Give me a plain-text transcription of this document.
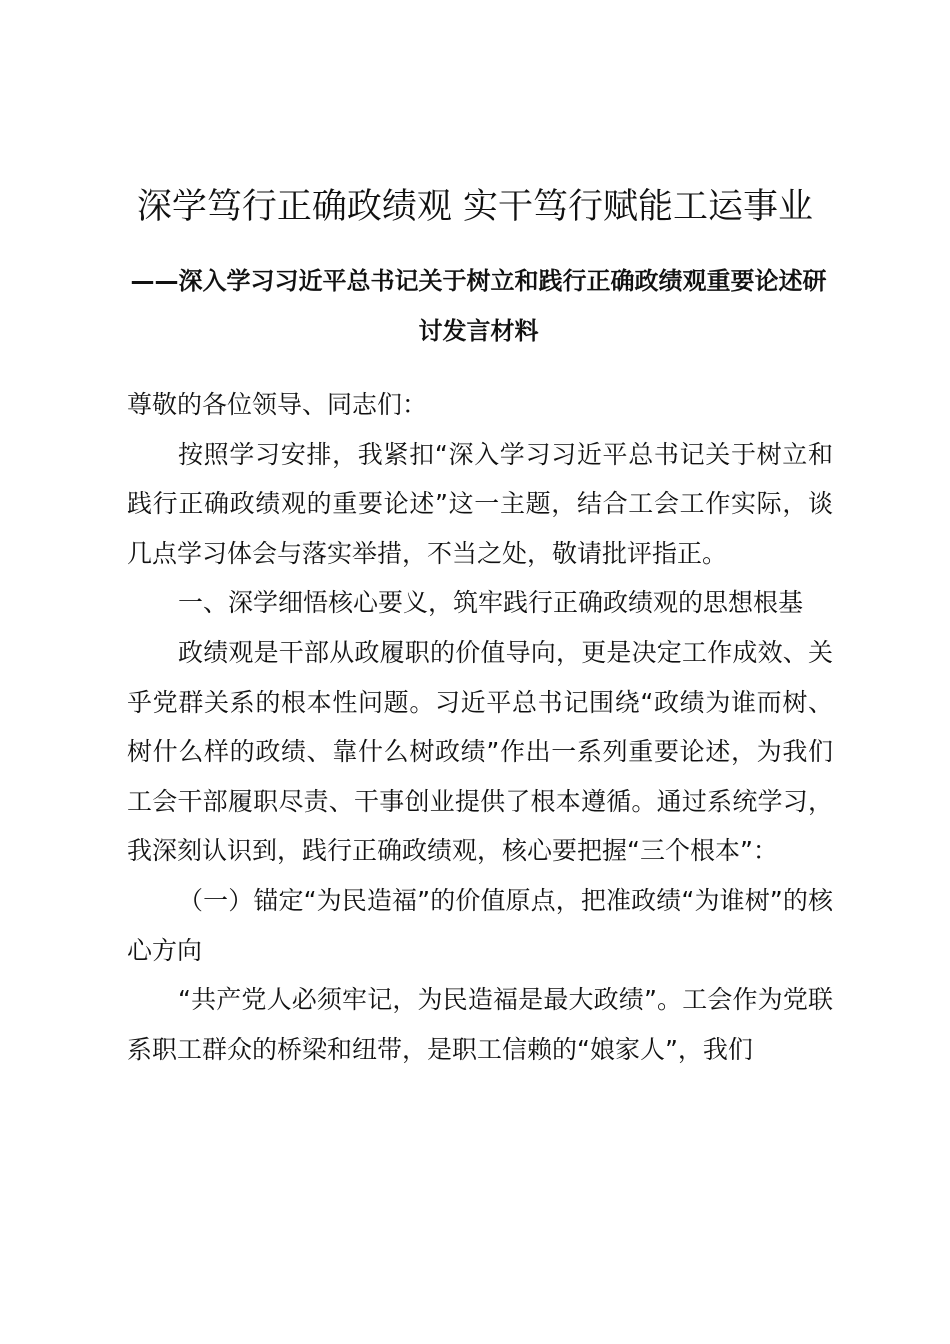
深学笃行正确政绩观 实干笃行赋能工运事业
——深入学习习近平总书记关于树立和践行正确政绩观重要论述研讨发言材料

尊敬的各位领导、同志们：

按照学习安排，我紧扣“深入学习习近平总书记关于树立和践行正确政绩观的重要论述”这一主题，结合工会工作实际，谈几点学习体会与落实举措，不当之处，敬请批评指正。

一、深学细悟核心要义，筑牢践行正确政绩观的思想根基

政绩观是干部从政履职的价值导向，更是决定工作成效、关乎党群关系的根本性问题。习近平总书记围绕“政绩为谁而树、树什么样的政绩、靠什么树政绩”作出一系列重要论述，为我们工会干部履职尽责、干事创业提供了根本遵循。通过系统学习，我深刻认识到，践行正确政绩观，核心要把握“三个根本”：

（一）锚定“为民造福”的价值原点，把准政绩“为谁树”的核心方向

“共产党人必须牢记，为民造福是最大政绩”。工会作为党联系职工群众的桥梁和纽带，是职工信赖的“娘家人”，我们
